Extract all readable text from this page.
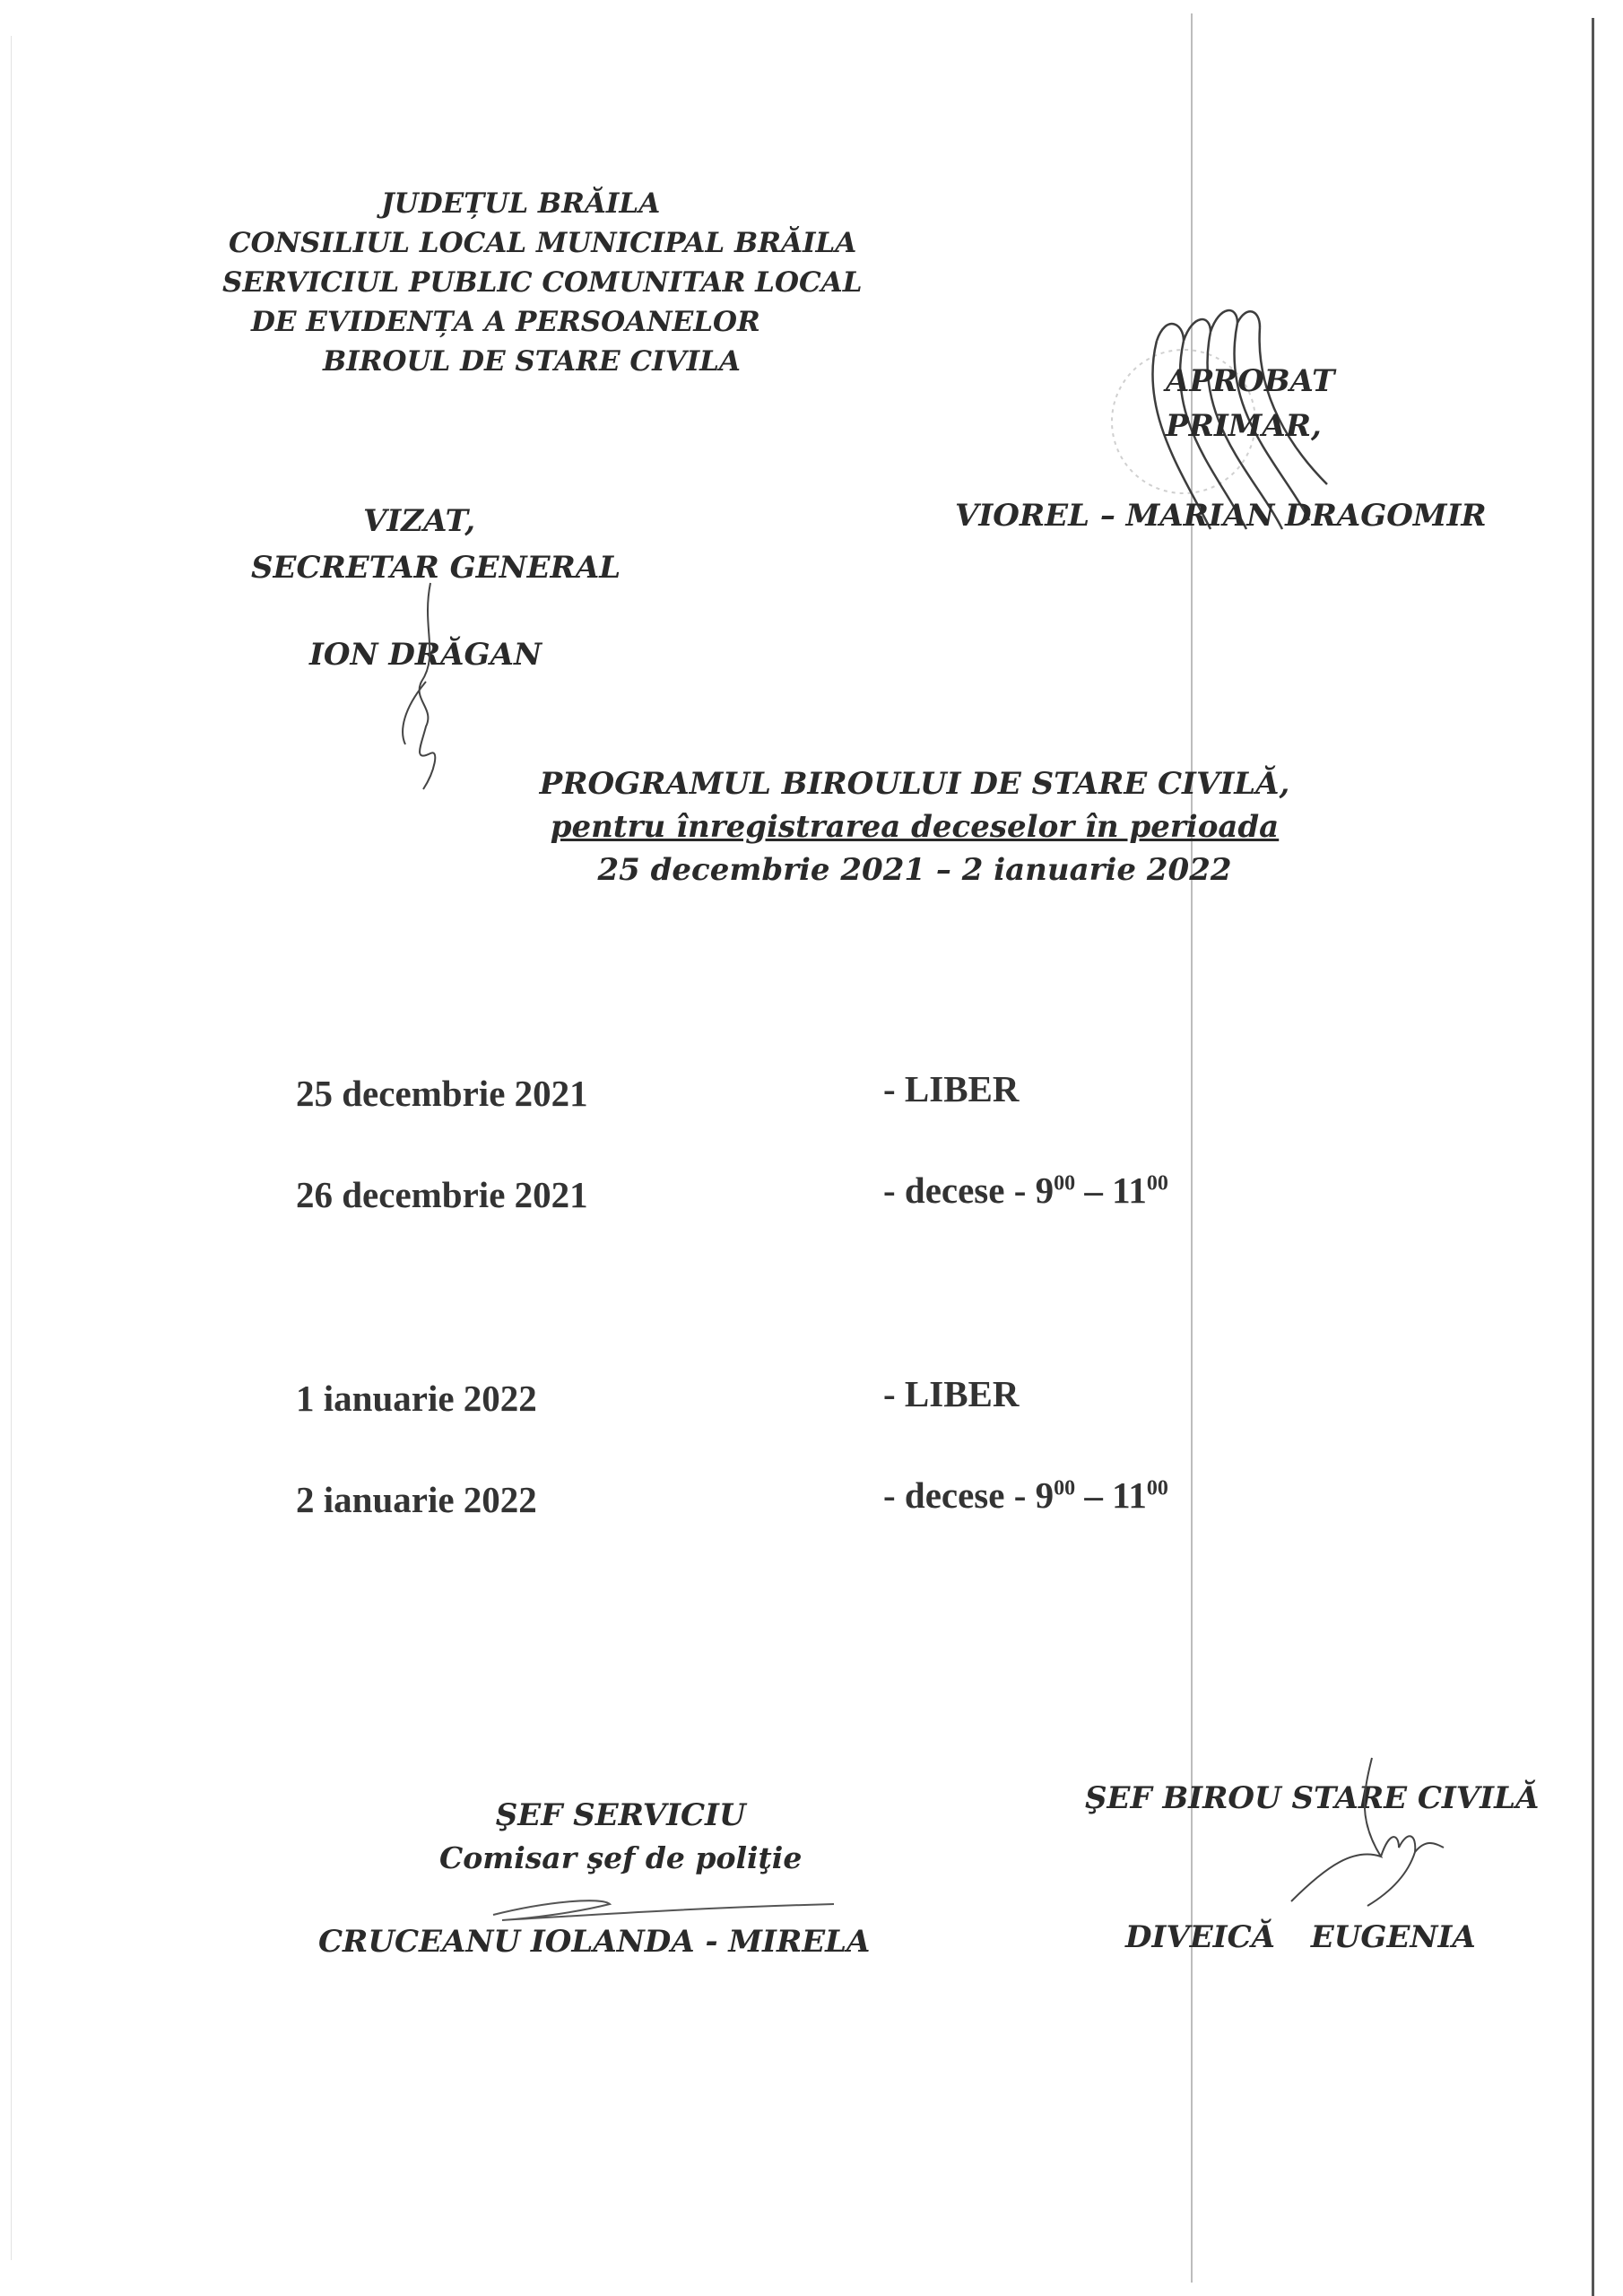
JUDEȚUL BRĂILA
CONSILIUL LOCAL MUNICIPAL BRĂILA
SERVICIUL PUBLIC COMUNITAR LOCAL
DE EVIDENȚA A PERSOANELOR
BIROUL DE STARE CIVILA
APROBAT
PRIMAR,
VIOREL – MARIAN DRAGOMIR
VIZAT,
SECRETAR GENERAL
ION DRĂGAN
PROGRAMUL BIROULUI DE STARE CIVILĂ,
pentru înregistrarea deceselor în perioada
25 decembrie 2021 – 2 ianuarie 2022
25 decembrie 2021	- LIBER
26 decembrie 2021	- decese - $9^{00} - 11^{00}$
1 ianuarie 2022	- LIBER
2 ianuarie 2022	- decese - $9^{00} - 11^{00}$
ŞEF SERVICIU
Comisar şef de poliţie
CRUCEANU IOLANDA - MIRELA
ŞEF BIROU STARE CIVILĂ
DIVEICĂ EUGENIA
